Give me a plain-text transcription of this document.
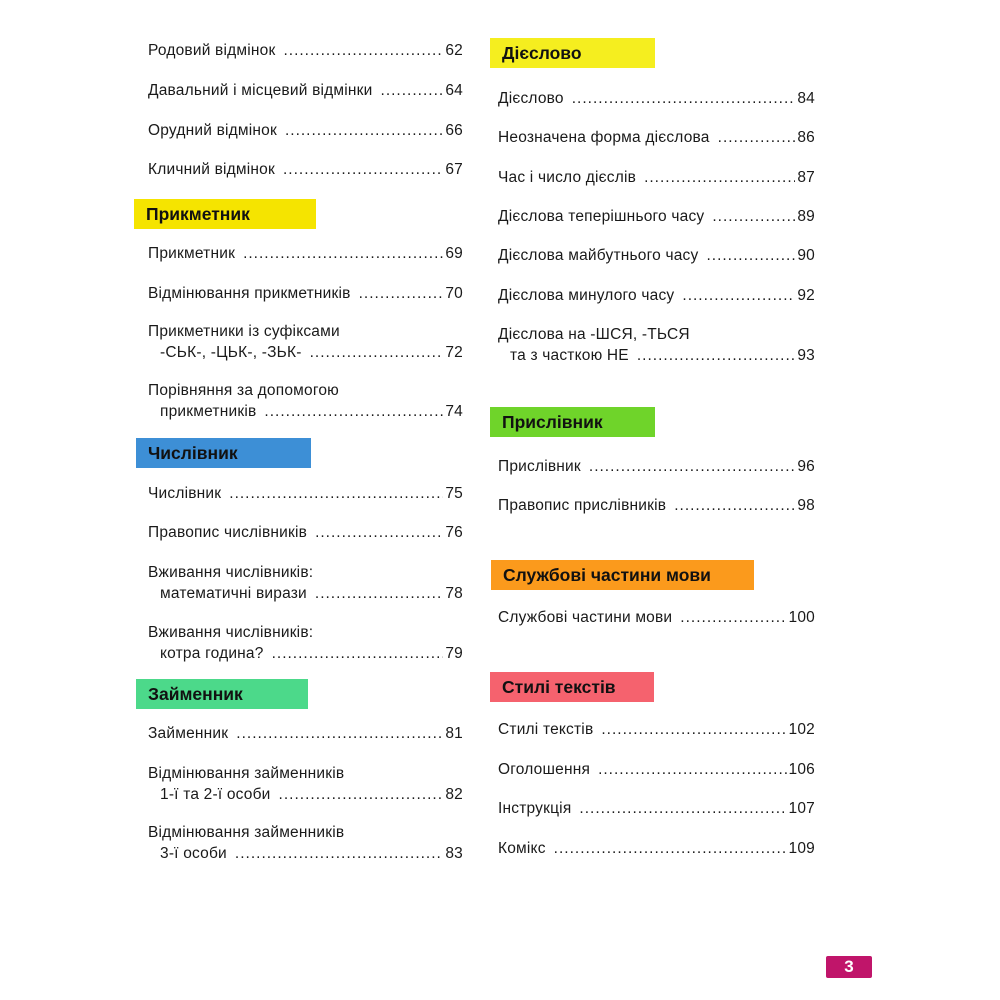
Родовий відмінок .....	62
Давальний і місцевий відмінки .....	64
Орудний відмінок .....	66
Кличний відмінок .....	67
Прикметник
Прикметник .....	69
Відмінювання прикметників .....	70
Прикметники із суфіксами
-СЬК-, -ЦЬК-, -ЗЬК- .....	72
Порівняння за допомогою
прикметників .....	74
Числівник
Числівник .....	75
Правопис числівників .....	76
Вживання числівників:
математичні вирази .....	78
Вживання числівників:
котра година? .....	79
Займенник
Займенник .....	81
Відмінювання займенників
1-ї та 2-ї особи .....	82
Відмінювання займенників
3-ї особи .....	83
Дієслово
Дієслово .....	84
Неозначена форма дієслова .....	86
Час і число дієслів .....	87
Дієслова теперішнього часу .....	89
Дієслова майбутнього часу .....	90
Дієслова минулого часу .....	92
Дієслова на -ШСЯ, -ТЬСЯ
та з часткою НЕ .....	93
Прислівник
Прислівник .....	96
Правопис прислівників .....	98
Службові частини мови
Службові частини мови .....	100
Стилі текстів
Стилі текстів .....	102
Оголошення .....	106
Інструкція .....	107
Комікс .....	109
3
